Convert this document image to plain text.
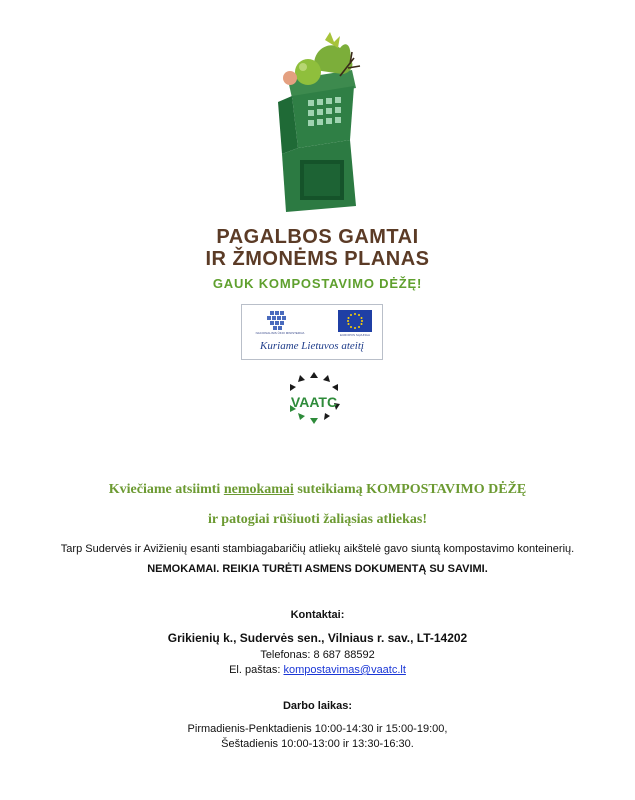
PAGALBOS GAMTAI
IR ŽMONĖMS PLANAS
GAUK KOMPOSTAVIMO DĖŽĘ!
NACIONALINIS ŪKIO MINISTERIJA	EUROPOS SĄJUNGA
Kuriame Lietuvos ateitį
VAATC
Kviečiame atsiimti nemokamai suteikiamą KOMPOSTAVIMO DĖŽĘ
ir patogiai rūšiuoti žaliąsias atliekas!
Tarp Sudervės ir Avižienių esanti stambiagabaričių atliekų aikštelė gavo siuntą kompostavimo konteinerių.
NEMOKAMAI. REIKIA TURĖTI ASMENS DOKUMENTĄ SU SAVIMI.
Kontaktai:
Grikienių k., Sudervės sen., Vilniaus r. sav., LT-14202
Telefonas: 8 687 88592
El. paštas: kompostavimas@vaatc.lt
Darbo laikas:
Pirmadienis-Penktadienis 10:00-14:30 ir 15:00-19:00,
Šeštadienis 10:00-13:00 ir 13:30-16:30.
